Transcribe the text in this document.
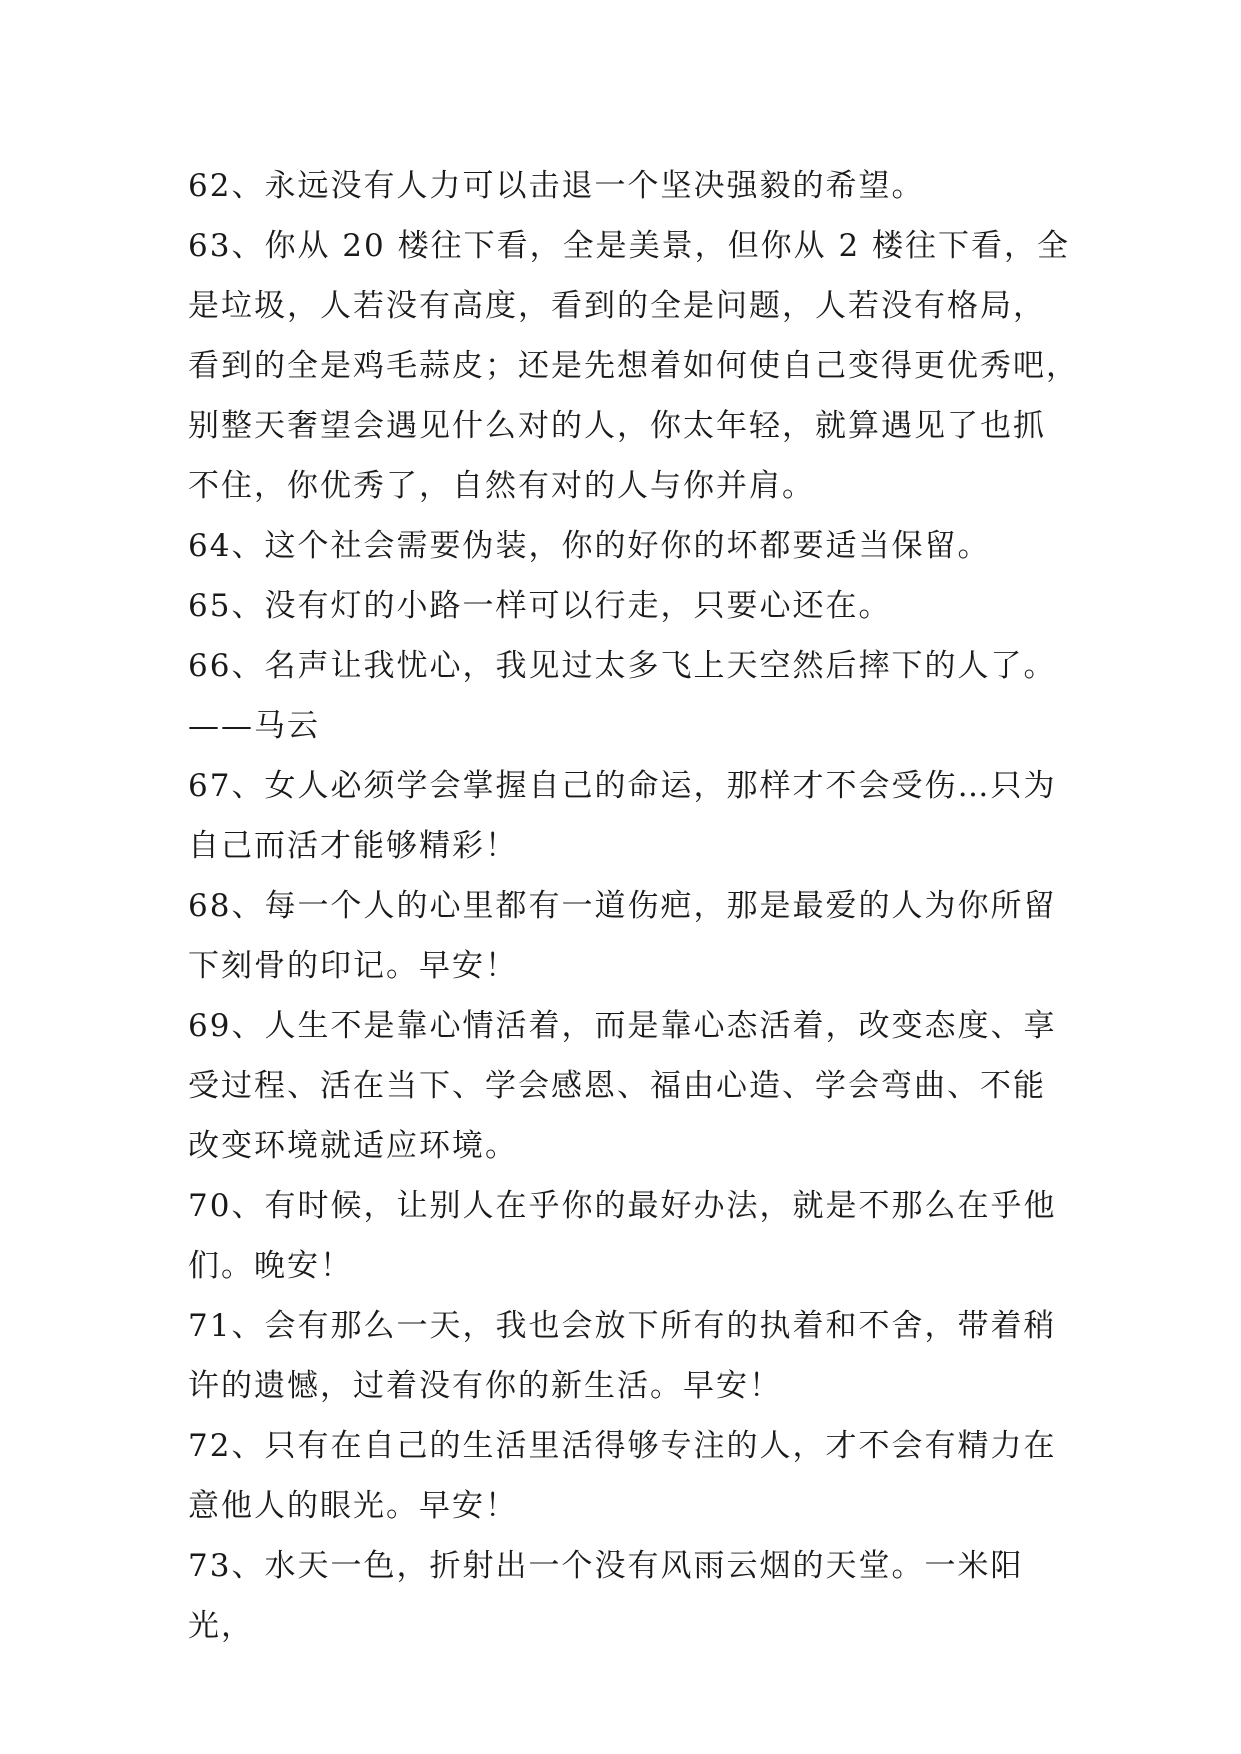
62、永远没有人力可以击退一个坚决强毅的希望。

63、你从 20 楼往下看，全是美景，但你从 2 楼往下看，全

是垃圾，人若没有高度，看到的全是问题，人若没有格局，

看到的全是鸡毛蒜皮；还是先想着如何使自己变得更优秀吧，

别整天奢望会遇见什么对的人，你太年轻，就算遇见了也抓

不住，你优秀了，自然有对的人与你并肩。

64、这个社会需要伪装，你的好你的坏都要适当保留。

65、没有灯的小路一样可以行走，只要心还在。

66、名声让我忧心，我见过太多飞上天空然后摔下的人了。

——马云

67、女人必须学会掌握自己的命运，那样才不会受伤…只为

自己而活才能够精彩！

68、每一个人的心里都有一道伤疤，那是最爱的人为你所留

下刻骨的印记。早安！

69、人生不是靠心情活着，而是靠心态活着，改变态度、享

受过程、活在当下、学会感恩、福由心造、学会弯曲、不能

改变环境就适应环境。

70、有时候，让别人在乎你的最好办法，就是不那么在乎他

们。晚安！

71、会有那么一天，我也会放下所有的执着和不舍，带着稍

许的遗憾，过着没有你的新生活。早安！

72、只有在自己的生活里活得够专注的人，才不会有精力在

意他人的眼光。早安！

73、水天一色，折射出一个没有风雨云烟的天堂。一米阳光，
